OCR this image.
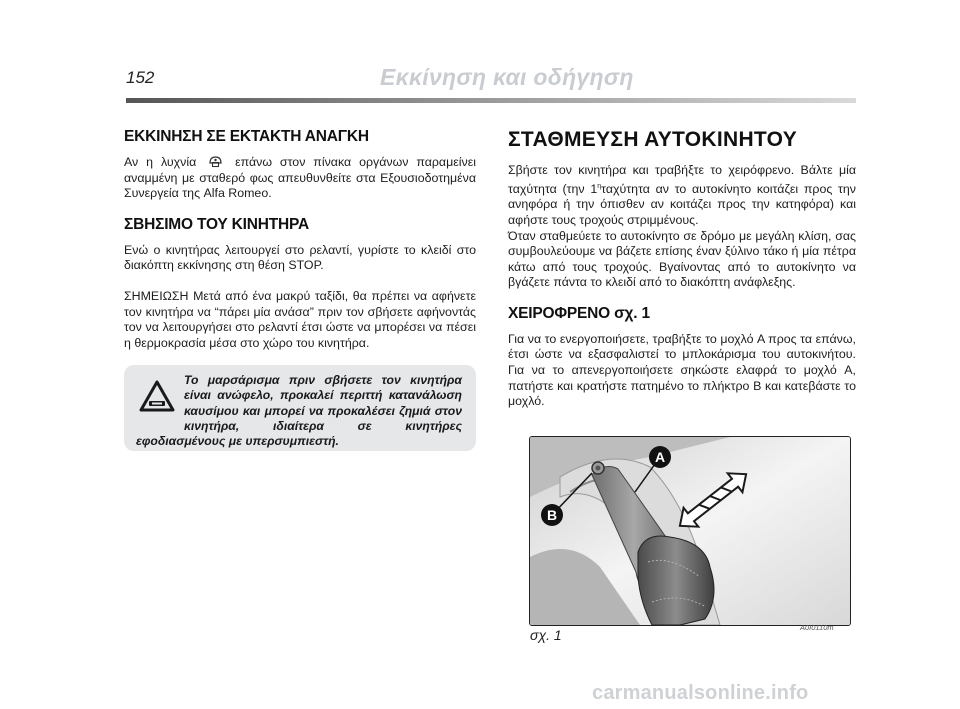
152	Εκκίνηση και οδήγηση
ΕΚΚΙΝΗΣΗ ΣΕ ΕΚΤΑΚΤΗ ΑΝΑΓΚΗ

Αν η λυχνία	επάνω στον πίνακα οργάνων παραμείνει αναμμένη με σταθερό φως απευθυνθείτε στα Εξουσιοδοτημένα Συνεργεία της Alfa Romeo.

ΣΒΗΣΙΜΟ ΤΟΥ ΚΙΝΗΤΗΡΑ

Ενώ ο κινητήρας λειτουργεί στο ρελαντί, γυρίστε το κλειδί στο διακόπτη εκκίνησης στη θέση STOP.

ΣΗΜΕΙΩΣΗ Μετά από ένα μακρύ ταξίδι, θα πρέπει να αφήνετε τον κινητήρα να “πάρει μία ανάσα” πριν τον σβήσετε αφήνοντάς τον να λειτουργήσει στο ρελαντί έτσι ώστε να μπορέσει να πέσει η θερμοκρασία μέσα στο χώρο του κινητήρα.

Το μαρσάρισμα πριν σβήσετε τον κινητήρα είναι ανώφελο, προκαλεί περιττή κατανάλωση καυσίμου και μπορεί να προκαλέσει ζημιά στον κινητήρα, ιδιαίτερα σε κινητήρες εφοδιασμένους με υπερσυμπιεστή.
ΣΤΑΘΜΕΥΣΗ ΑΥΤΟΚΙΝΗΤΟΥ

Σβήστε τον κινητήρα και τραβήξτε το χειρόφρενο. Βάλτε μία ταχύτητα (την $1^\eta\tau\alpha\chi ύ\tau\eta\tau\alpha$ αν το αυτοκίνητο κοιτάζει προς την ανηφόρα ή την όπισθεν αν κοιτάζει προς την κατηφόρα) και αφήστε τους τροχούς στριμμένους.

Όταν σταθμεύετε το αυτοκίνητο σε δρόμο με μεγάλη κλίση, σας συμβουλεύουμε να βάζετε επίσης έναν ξύλινο τάκο ή μία πέτρα κάτω από τους τροχούς. Βγαίνοντας από το αυτοκίνητο να βγάζετε πάντα το κλειδί από το διακόπτη ανάφλεξης.

ΧΕΙΡΟΦΡΕΝΟ σχ. 1

Για να το ενεργοποιήσετε, τραβήξτε το μοχλό A προς τα επάνω, έτσι ώστε να εξασφαλιστεί το μπλοκάρισμα του αυτοκινήτου. Για να το απενεργοποιήσετε σηκώστε ελαφρά το μοχλό A, πατήστε και κρατήστε πατημένο το πλήκτρο B και κατεβάστε το μοχλό.

A
B
σχ. 1	A0I0110m
carmanualsonline.info
